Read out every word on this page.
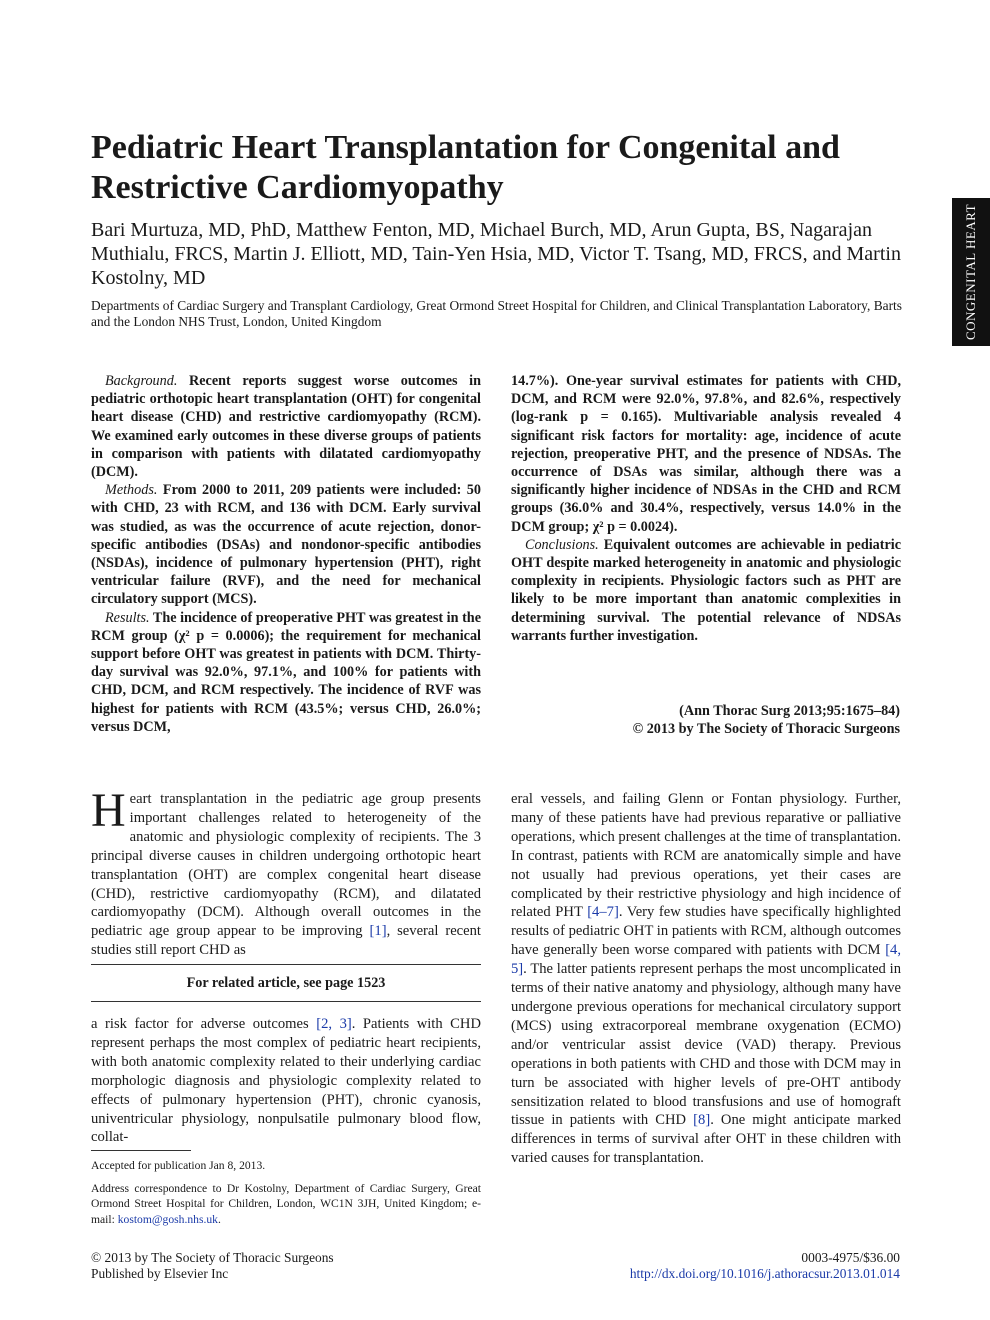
CONGENITAL HEART
Pediatric Heart Transplantation for Congenital and Restrictive Cardiomyopathy

Bari Murtuza, MD, PhD, Matthew Fenton, MD, Michael Burch, MD, Arun Gupta, BS, Nagarajan Muthialu, FRCS, Martin J. Elliott, MD, Tain-Yen Hsia, MD, Victor T. Tsang, MD, FRCS, and Martin Kostolny, MD

Departments of Cardiac Surgery and Transplant Cardiology, Great Ormond Street Hospital for Children, and Clinical Transplantation Laboratory, Barts and the London NHS Trust, London, United Kingdom

Background. Recent reports suggest worse outcomes in pediatric orthotopic heart transplantation (OHT) for congenital heart disease (CHD) and restrictive cardiomyopathy (RCM). We examined early outcomes in these diverse groups of patients in comparison with patients with dilatated cardiomyopathy (DCM).

Methods. From 2000 to 2011, 209 patients were included: 50 with CHD, 23 with RCM, and 136 with DCM. Early survival was studied, as was the occurrence of acute rejection, donor-specific antibodies (DSAs) and nondonor-specific antibodies (NSDAs), incidence of pulmonary hypertension (PHT), right ventricular failure (RVF), and the need for mechanical circulatory support (MCS).

Results. The incidence of preoperative PHT was greatest in the RCM group (χ² p = 0.0006); the requirement for mechanical support before OHT was greatest in patients with DCM. Thirty-day survival was 92.0%, 97.1%, and 100% for patients with CHD, DCM, and RCM respectively. The incidence of RVF was highest for patients with RCM (43.5%; versus CHD, 26.0%; versus DCM,

14.7%). One-year survival estimates for patients with CHD, DCM, and RCM were 92.0%, 97.8%, and 82.6%, respectively (log-rank p = 0.165). Multivariable analysis revealed 4 significant risk factors for mortality: age, incidence of acute rejection, preoperative PHT, and the presence of NDSAs. The occurrence of DSAs was similar, although there was a significantly higher incidence of NDSAs in the CHD and RCM groups (36.0% and 30.4%, respectively, versus 14.0% in the DCM group; χ² p = 0.0024).

Conclusions. Equivalent outcomes are achievable in pediatric OHT despite marked heterogeneity in anatomic and physiologic complexity in recipients. Physiologic factors such as PHT are likely to be more important than anatomic complexities in determining survival. The potential relevance of NDSAs warrants further investigation.

(Ann Thorac Surg 2013;95:1675–84)
© 2013 by The Society of Thoracic Surgeons

Heart transplantation in the pediatric age group presents important challenges related to heterogeneity of the anatomic and physiologic complexity of recipients. The 3 principal diverse causes in children undergoing orthotopic heart transplantation (OHT) are complex congenital heart disease (CHD), restrictive cardiomyopathy (RCM), and dilatated cardiomyopathy (DCM). Although overall outcomes in the pediatric age group appear to be improving [1], several recent studies still report CHD as

For related article, see page 1523

a risk factor for adverse outcomes [2, 3]. Patients with CHD represent perhaps the most complex of pediatric heart recipients, with both anatomic complexity related to their underlying cardiac morphologic diagnosis and physiologic complexity related to effects of pulmonary hypertension (PHT), chronic cyanosis, univentricular physiology, nonpulsatile pulmonary blood flow, collat-

eral vessels, and failing Glenn or Fontan physiology. Further, many of these patients have had previous reparative or palliative operations, which present challenges at the time of transplantation. In contrast, patients with RCM are anatomically simple and have not usually had previous operations, yet their cases are complicated by their restrictive physiology and high incidence of related PHT [4–7]. Very few studies have specifically highlighted results of pediatric OHT in patients with RCM, although outcomes have generally been worse compared with patients with DCM [4, 5]. The latter patients represent perhaps the most uncomplicated in terms of their native anatomy and physiology, although many have undergone previous operations for mechanical circulatory support (MCS) using extracorporeal membrane oxygenation (ECMO) and/or ventricular assist device (VAD) therapy. Previous operations in both patients with CHD and those with DCM may in turn be associated with higher levels of pre-OHT antibody sensitization related to blood transfusions and use of homograft tissue in patients with CHD [8]. One might anticipate marked differences in terms of survival after OHT in these children with varied causes for transplantation.

Accepted for publication Jan 8, 2013.

Address correspondence to Dr Kostolny, Department of Cardiac Surgery, Great Ormond Street Hospital for Children, London, WC1N 3JH, United Kingdom; e-mail: kostom@gosh.nhs.uk.

© 2013 by The Society of Thoracic Surgeons
Published by Elsevier Inc
0003-4975/$36.00
http://dx.doi.org/10.1016/j.athoracsur.2013.01.014
